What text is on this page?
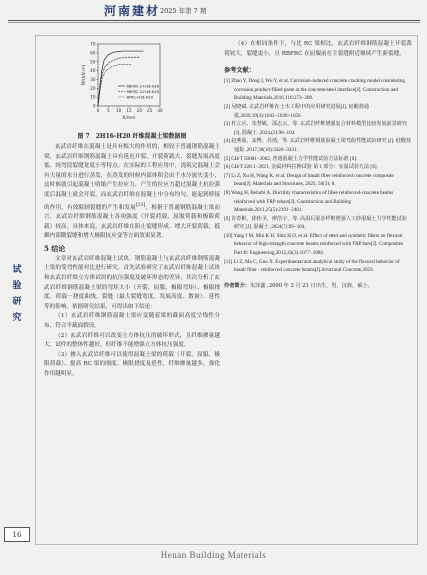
河南建材 2025 年第 7 期
试验研究
16
0
10
20
30
40
50
60
70
0 5 10 15 20 25 30
M/(kN·m)
δ/mm
RBFRC-2-H16-H20
RBFRC-3-H16-H20
BFRC-H16-H20
图 7　2H16-H20 纤维混凝土梁数据图

玄武岩纤维在混凝土是具有根大的作用的，相较于普通钢筋混凝土梁，玄武岩纤维钢筋混凝土具有延迟开裂、开裂荷载大、裂缝发展高度低、纯弯段裂缝宽度小等特点。在实际的工程应用中，浇筑完混凝土会有大量的水分进行蒸发，在蒸发的时候内部体积会由于水分流失变小，这时候就引起混凝土收缩产生拉应力，产生的拉应力超过混凝土抗拉强度后混凝土就会开裂。而玄武岩纤维在混凝土中分布均匀，能起到桥接的作用，有效限制裂缝的产生和发展[11]。根据于普通钢筋混凝土梁而言，玄武岩纤维钢筋混凝土各项强度（开裂荷载、屈服荷载和极限荷载）较高。具体来说，玄武岩纤维在阻止裂缝形成、增大开裂荷载、抵御内部微裂缝和增大极限抗应变等方面效果显著。

5 结论

文章对玄武岩纤维混凝土试块、钢筋混凝土与玄武岩纤维钢筋混凝土梁的受弯性能对比进行研究。首先试验研究了玄武岩纤维混凝土试块和玄武岩纤维立方体试块的抗压强度及破坏形态的差异，其次分析了玄武岩纤维钢筋混凝土梁的弯矩大小（开裂、屈服、极限弯矩）、极限挠度、荷载－挠度曲线、裂缝（最大裂缝宽度、发展高度、数量）、延性等的影响。依据研究结果，可得出如下结论：

（1）玄武岩纤维钢筋混凝土梁应变随着梁的截面高度呈线性分布，符合平截面假设。

（2）玄武岩纤维可以改变立方体抗压的破坏形式，且纤维掺量越大，试件的整体性越好，但纤维不能增强立方体抗压强度。

（3）掺入玄武岩纤维可以使得混凝土梁的荷载（开裂、屈服、极限荷载）、提高 RC 梁的刚度、极限挠度及延性，纤维掺量越多，强化作用越明显。

（4）在相同条件下，与比 RC 梁相比，玄武岩纤维钢筋混凝土开裂裁荷较大，裂缝更小，且 RBFRC 在屈服前在主裂缝附近继续产生新裂缝。

参考文献：
[1] Zhao Y, Dong J, Wu Y, et al. Corrosion-induced concrete cracking model considering corrosion product-filled paste at the concrete/steel interface[J]. Construction and Building Materials,2016,116:273−280.
[2] 吴晓斌. 玄武岩纤维在土木工程中的应用研究进展[J]. 硅酸盐通报,2020,39(4):1043−1049+1056.
[3] 杜立兵，朱慧敏，邵志云，等. 玄武岩纤维增强复合材料模型比较发展前景研究 [J]. 混凝土 ,2024,(2):98−104.
[4] 赵燕茹，宋博，苏靖，等. 玄武岩纤维钢筋混凝土梁弯曲性能试验研究 [J]. 硅酸盐通报 ,2017,36(10):3426−3431.
[5] GB/T 50081−2002, 普通混凝土力学性能试验方法标准 [S].
[6] GB/T 228.1−2021, 金属材料拉伸试验 第 1 部分：室温试验方法 [S].
[7] Li Z, Xu H, Wang K, et al. Design of basalt fiber reinforced concrete composite beam[J]. Materials and Structures, 2023, 56(3): 8.
[8] Wang H, Belarbi A. Ductility characteristics of fiber-reinforced-concrete beams reinforced with FRP rebars[J]. Construction and Building Materials,2011,25(5):2391−2401.
[9] 许奇彬，徐炜圣，廖浩宇，等. 高温后混杂纤维增强人工砂混凝土力学性能试验研究 [J]. 混凝土 ,2024(7):99−104.
[10] Yang J M, Min K H, Shin H O, et al. Effect of steel and synthetic fibers on flexural behavior of high-strength concrete beams reinforced with FRP bars[J]. Composites Part B: Engineering,2012,43(3):1077−1086.
[11] Li Z, Ma C, Guo X. Experimental and analytical study of the flexural behavior of basalt fiber - reinforced concrete beams[J].Structural Concrete,2023.
作者简介：朱泽鑫 ,2000 年 3 月 21 日出生，男，汉族，硕士。
Henan Building Materials
